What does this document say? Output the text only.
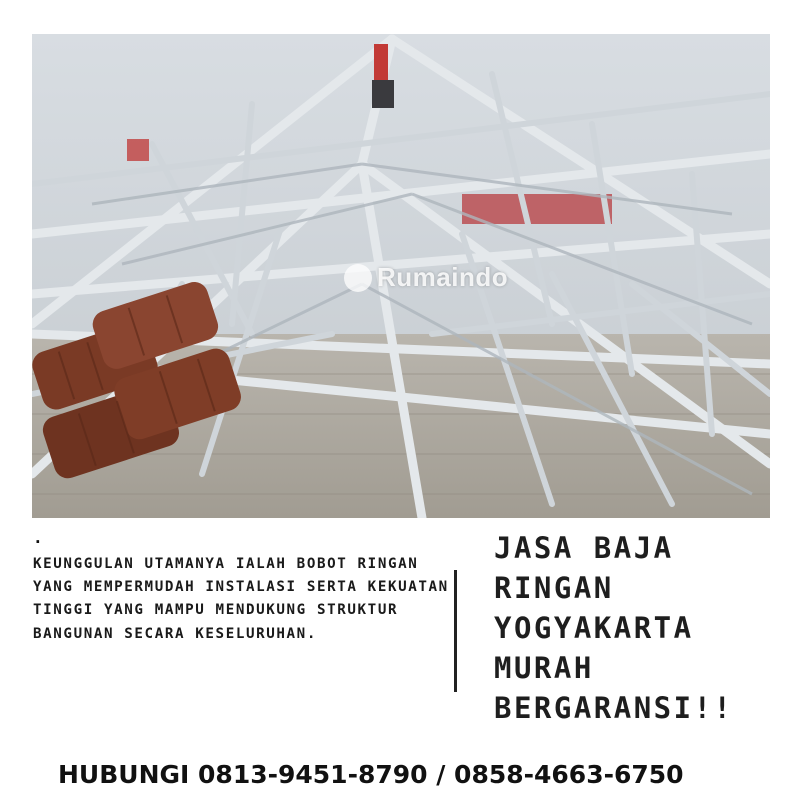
Rumaindo
.

KEUNGGULAN UTAMANYA IALAH BOBOT RINGAN YANG MEMPERMUDAH INSTALASI SERTA KEKUATAN TINGGI YANG MAMPU MENDUKUNG STRUKTUR BANGUNAN SECARA KESELURUHAN.

JASA BAJA
RINGAN
YOGYAKARTA
MURAH
BERGARANSI!!
HUBUNGI 0813-9451-8790 / 0858-4663-6750
